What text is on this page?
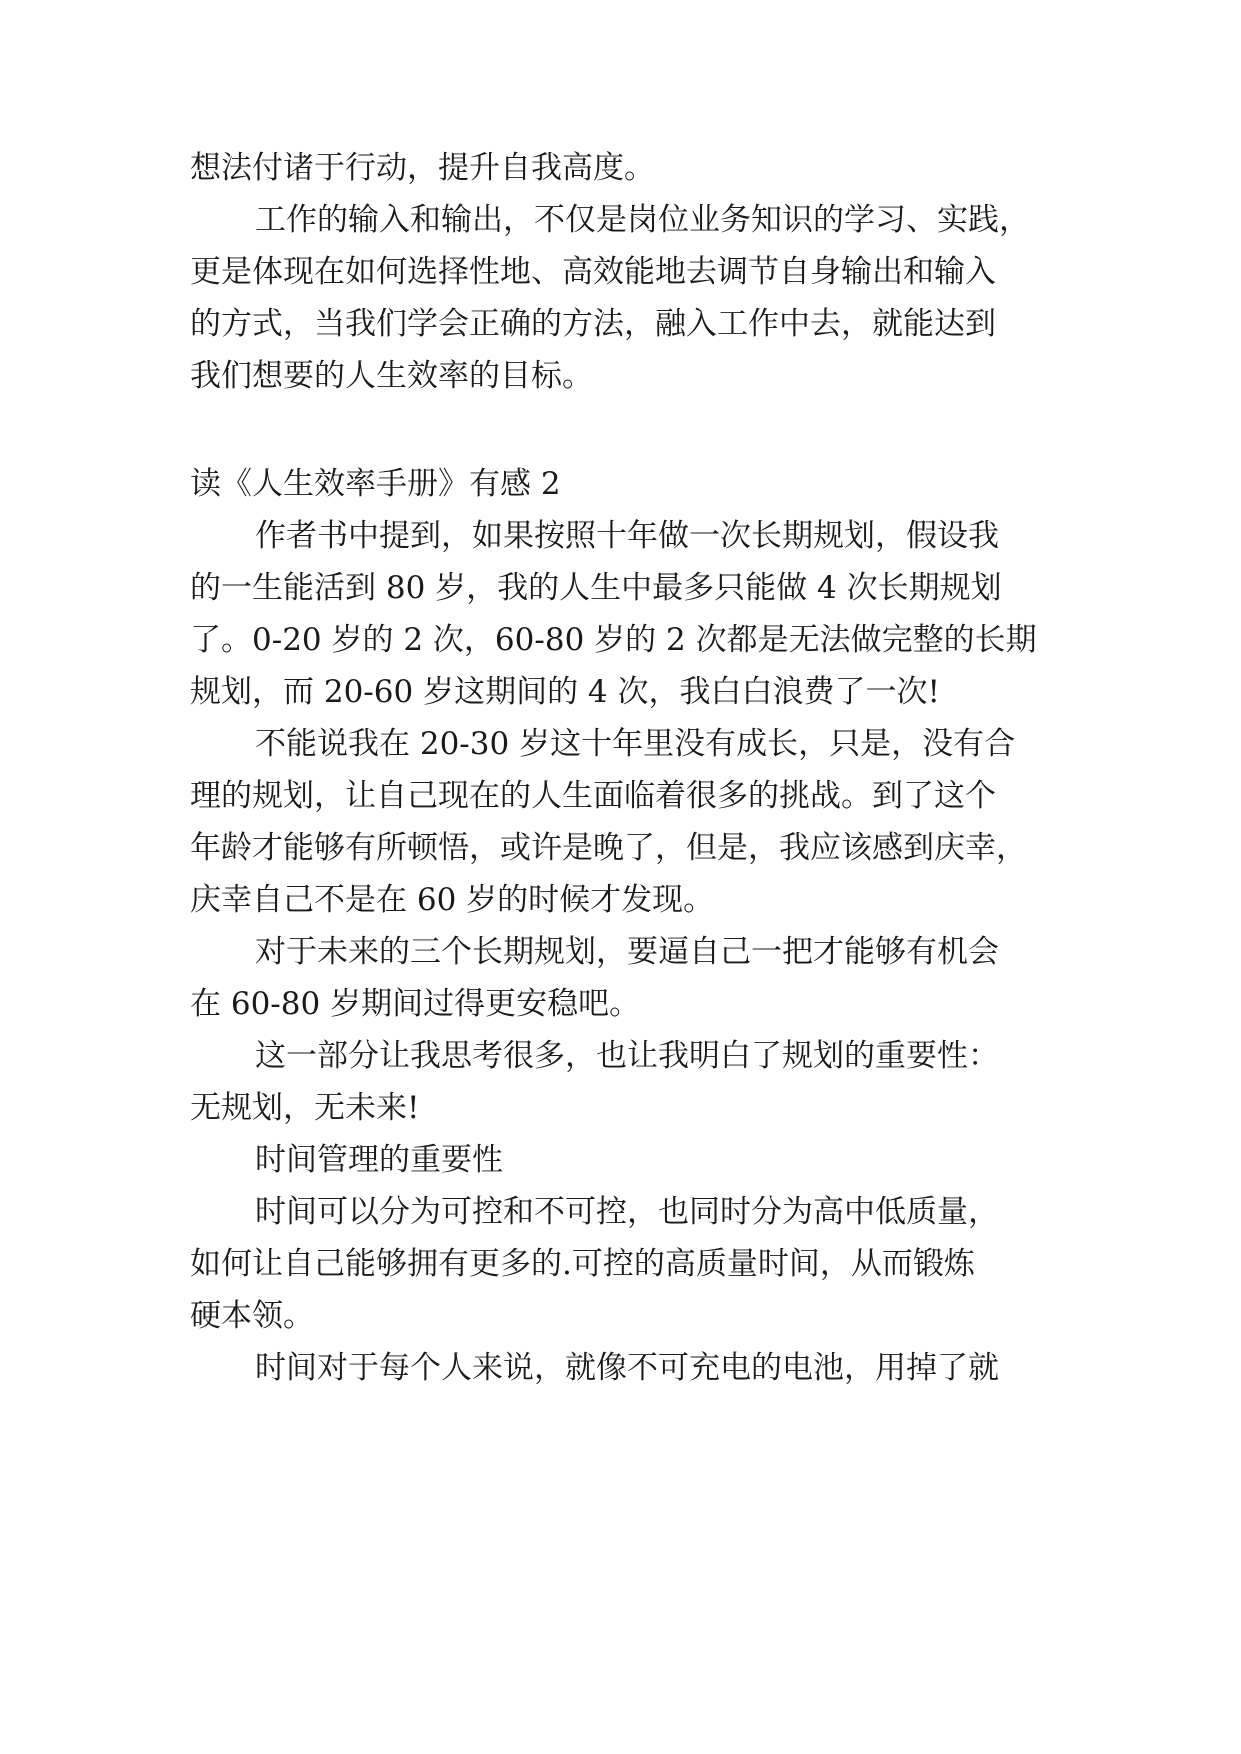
想法付诸于行动，提升自我高度。

工作的输入和输出，不仅是岗位业务知识的学习、实践，

更是体现在如何选择性地、高效能地去调节自身输出和输入

的方式，当我们学会正确的方法，融入工作中去，就能达到

我们想要的人生效率的目标。

读《人生效率手册》有感 2

作者书中提到，如果按照十年做一次长期规划，假设我

的一生能活到 80 岁，我的人生中最多只能做 4 次长期规划

了。0-20 岁的 2 次，60-80 岁的 2 次都是无法做完整的长期

规划，而 20-60 岁这期间的 4 次，我白白浪费了一次!

不能说我在 20-30 岁这十年里没有成长，只是，没有合

理的规划，让自己现在的人生面临着很多的挑战。到了这个

年龄才能够有所顿悟，或许是晚了，但是，我应该感到庆幸，

庆幸自己不是在 60 岁的时候才发现。

对于未来的三个长期规划，要逼自己一把才能够有机会

在 60-80 岁期间过得更安稳吧。

这一部分让我思考很多，也让我明白了规划的重要性：

无规划，无未来!

时间管理的重要性

时间可以分为可控和不可控，也同时分为高中低质量，

如何让自己能够拥有更多的.可控的高质量时间，从而锻炼

硬本领。

时间对于每个人来说，就像不可充电的电池，用掉了就
